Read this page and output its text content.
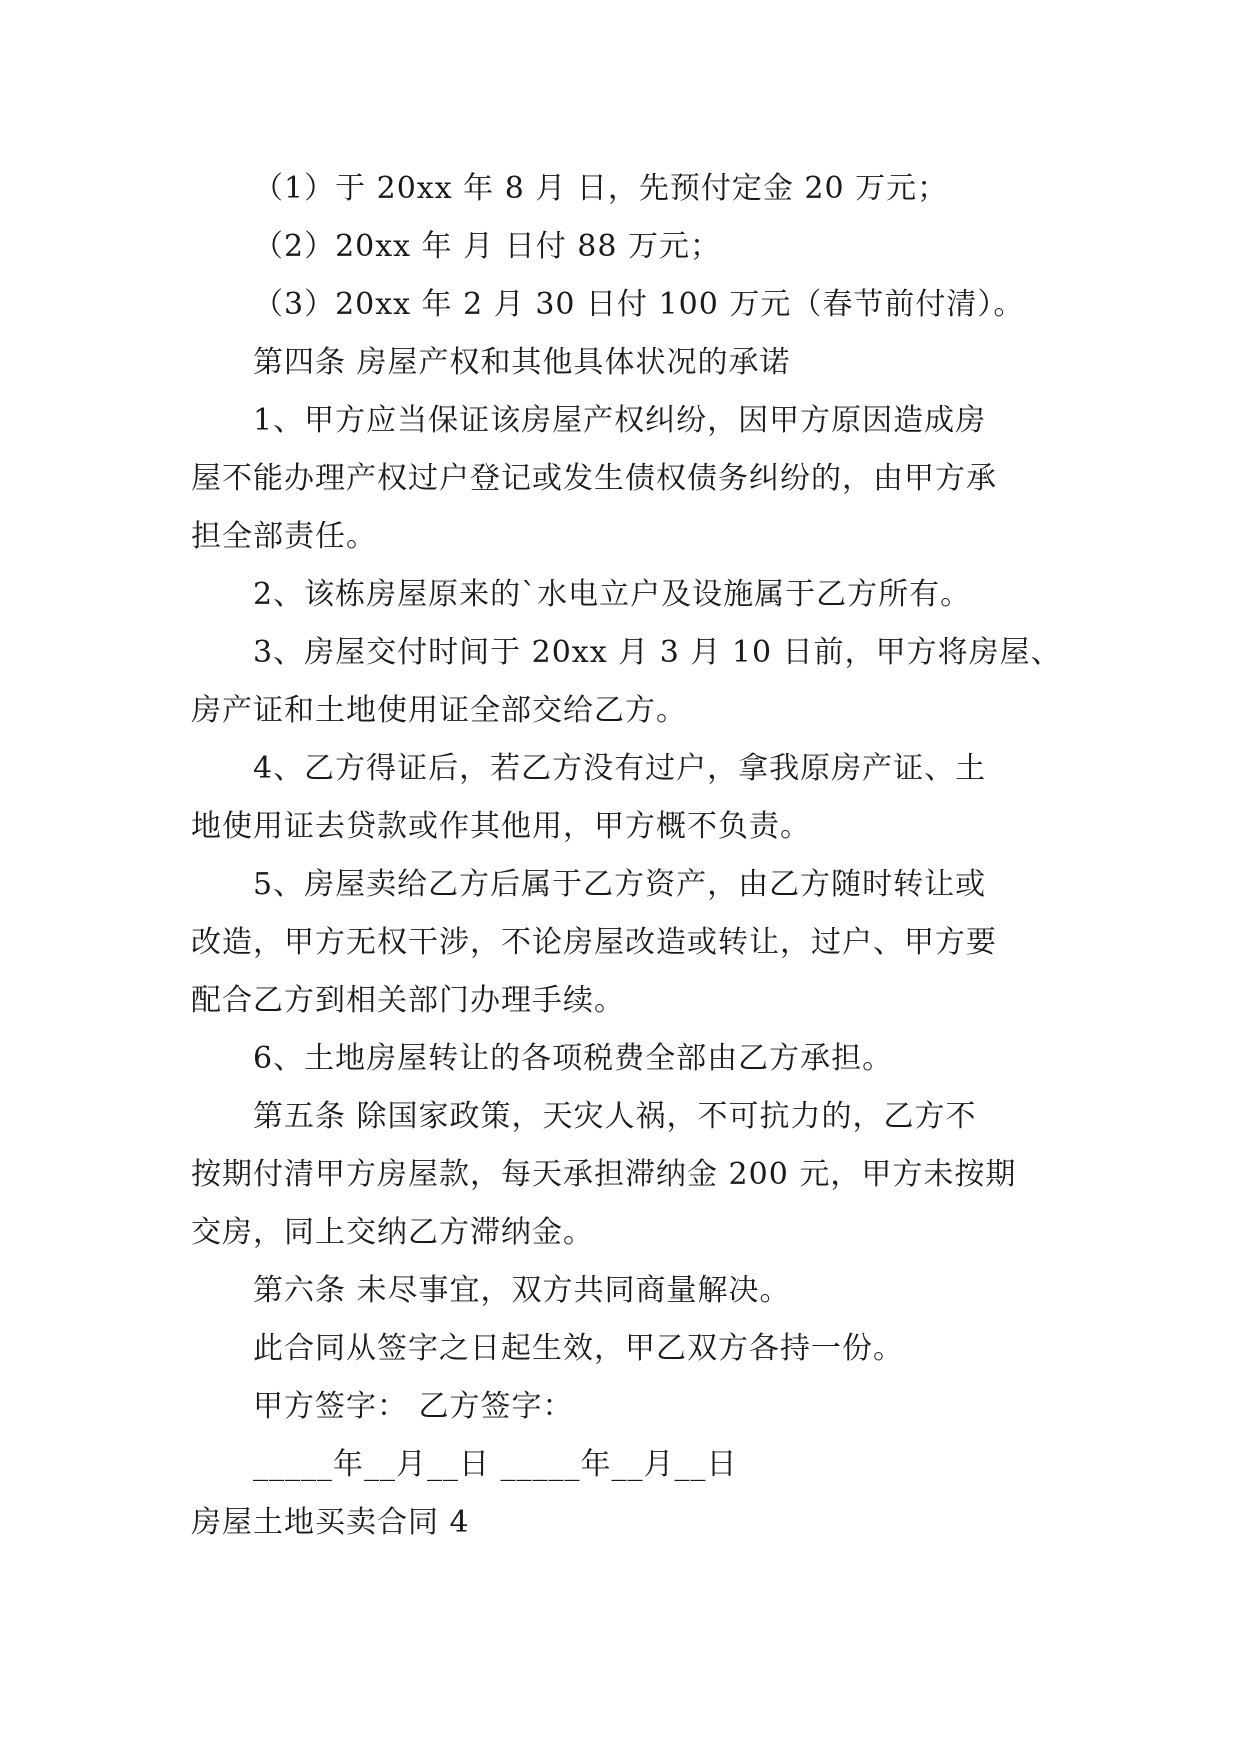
（1）于 20xx 年 8 月 日，先预付定金 20 万元；
（2）20xx 年 月 日付 88 万元；
（3）20xx 年 2 月 30 日付 100 万元（春节前付清）。
第四条 房屋产权和其他具体状况的承诺
1、甲方应当保证该房屋产权纠纷，因甲方原因造成房
屋不能办理产权过户登记或发生债权债务纠纷的，由甲方承
担全部责任。
2、该栋房屋原来的`水电立户及设施属于乙方所有。
3、房屋交付时间于 20xx 月 3 月 10 日前，甲方将房屋、
房产证和土地使用证全部交给乙方。
4、乙方得证后，若乙方没有过户，拿我原房产证、土
地使用证去贷款或作其他用，甲方概不负责。
5、房屋卖给乙方后属于乙方资产，由乙方随时转让或
改造，甲方无权干涉，不论房屋改造或转让，过户、甲方要
配合乙方到相关部门办理手续。
6、土地房屋转让的各项税费全部由乙方承担。
第五条 除国家政策，天灾人祸，不可抗力的，乙方不
按期付清甲方房屋款，每天承担滞纳金 200 元，甲方未按期
交房，同上交纳乙方滞纳金。
第六条 未尽事宜，双方共同商量解决。
此合同从签字之日起生效，甲乙双方各持一份。
甲方签字： 乙方签字：
_____年__月__日 _____年__月__日
房屋土地买卖合同 4
